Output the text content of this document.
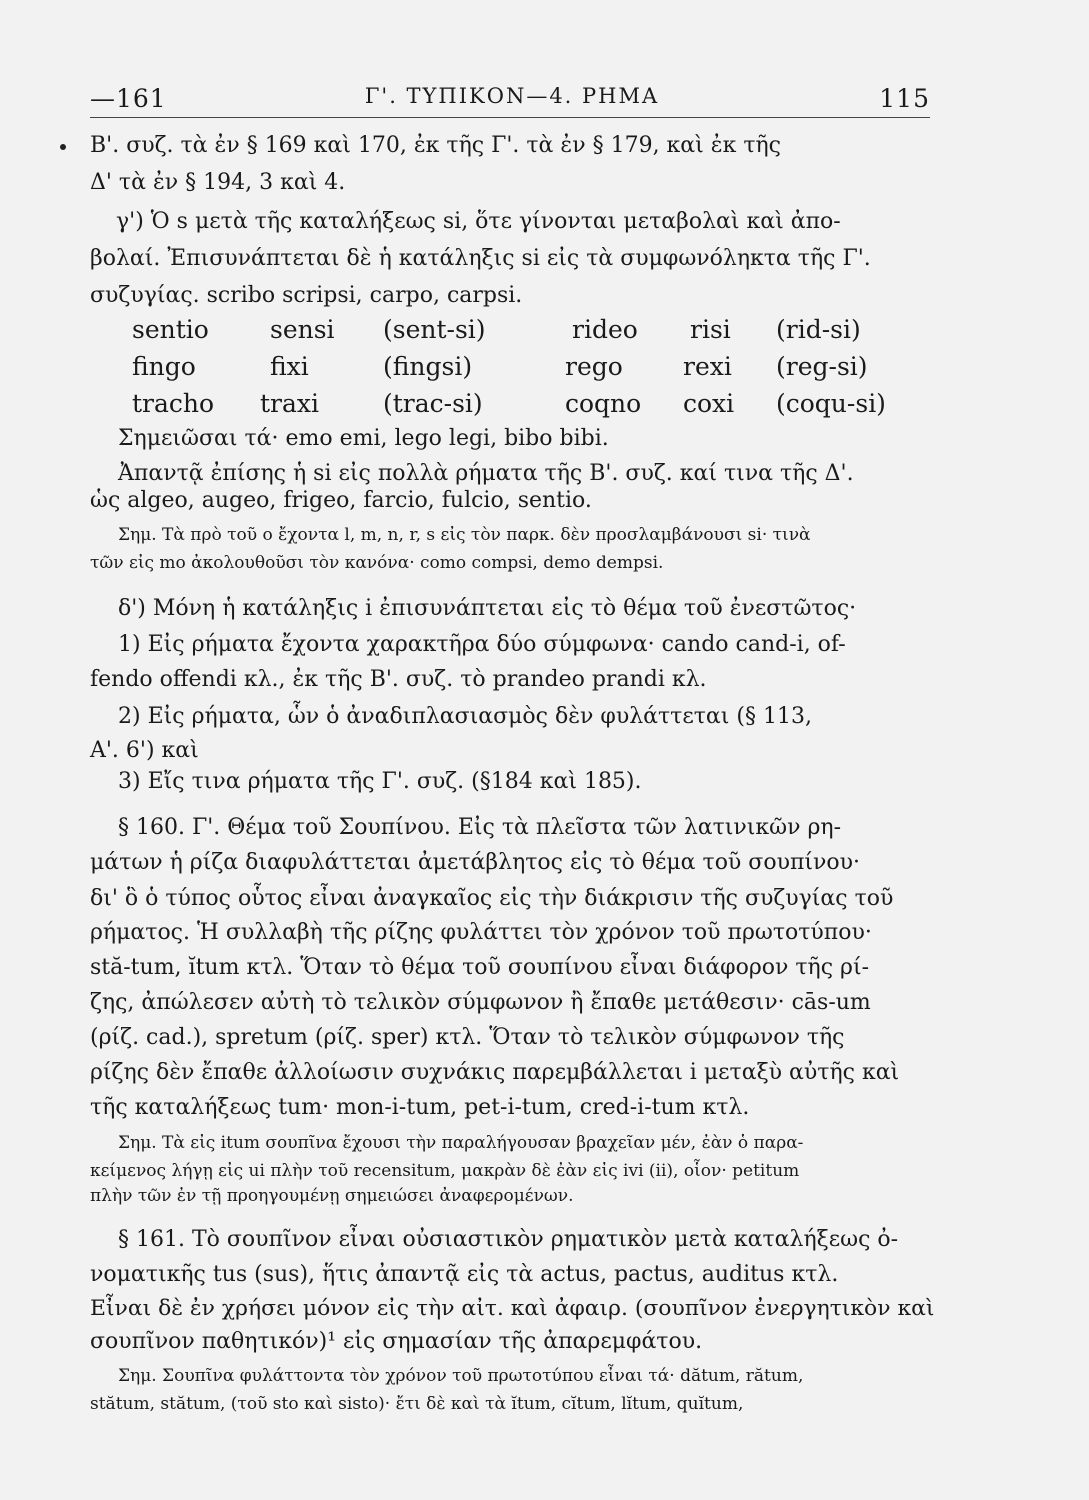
—161	Γ'. ΤΥΠΙΚΟΝ—4. ΡΗΜΑ	115
Β'. συζ. τὰ ἐν § 169 καὶ 170, ἐκ τῆς Γ'. τὰ ἐν § 179, καὶ ἐκ τῆς
Δ' τὰ ἐν § 194, 3 καὶ 4.
γ') Ὁ s μετὰ τῆς καταλήξεως si, ὅτε γίνονται μεταβολαὶ καὶ ἀπο-
βολαί. Ἐπισυνάπτεται δὲ ἡ κατάληξις si εἰς τὰ συμφωνόληκτα τῆς Γ'.
συζυγίας. scribo scripsi, carpo, carpsi.
sentio sensi (sent-si)	rideo risi (rid-si)
fingo	fixi	(fingsi)	rego rexi (reg-si)
tracho traxi	(trac-si)	coqno coxi (coqu-si)
Σημειῶσαι τά· emo emi, lego legi, bibo bibi.
Ἀπαντᾷ ἐπίσης ἡ si εἰς πολλὰ ρήματα τῆς Β'. συζ. καί τινα τῆς Δ'.
ὡς algeo, augeo, frigeo, farcio, fulcio, sentio.
Σημ. Τὰ πρὸ τοῦ ο ἔχοντα l, m, n, r, s εἰς τὸν παρκ. δὲν προσλαμβάνουσι si· τινὰ
τῶν εἰς mo ἀκολουθοῦσι τὸν κανόνα· como compsi, demo dempsi.
δ') Μόνη ἡ κατάληξις i ἐπισυνάπτεται εἰς τὸ θέμα τοῦ ἐνεστῶτος·
1) Εἰς ρήματα ἔχοντα χαρακτῆρα δύο σύμφωνα· cando cand-i, of-
fendo offendi κλ., ἐκ τῆς Β'. συζ. τὸ prandeo prandi κλ.
2) Εἰς ρήματα, ὧν ὁ ἀναδιπλασιασμὸς δὲν φυλάττεται (§ 113,
Α'. 6') καὶ
3) Εἴς τινα ρήματα τῆς Γ'. συζ. (§184 καὶ 185).
§ 160. Γ'. Θέμα τοῦ Σουπίνου. Εἰς τὰ πλεῖστα τῶν λατινικῶν ρη-
μάτων ἡ ρίζα διαφυλάττεται ἀμετάβλητος εἰς τὸ θέμα τοῦ σουπίνου·
δι' ὃ ὁ τύπος οὗτος εἶναι ἀναγκαῖος εἰς τὴν διάκρισιν τῆς συζυγίας τοῦ
ρήματος. Ἡ συλλαβὴ τῆς ρίζης φυλάττει τὸν χρόνον τοῦ πρωτοτύπου·
stă-tum, ĭtum κτλ. Ὅταν τὸ θέμα τοῦ σουπίνου εἶναι διάφορον τῆς ρί-
ζης, ἀπώλεσεν αὐτὴ τὸ τελικὸν σύμφωνον ἢ ἔπαθε μετάθεσιν· cās-um
(ρίζ. cad.), spretum (ρίζ. sper) κτλ. Ὅταν τὸ τελικὸν σύμφωνον τῆς
ρίζης δὲν ἔπαθε ἀλλοίωσιν συχνάκις παρεμβάλλεται i μεταξὺ αὐτῆς καὶ
τῆς καταλήξεως tum· mon-i-tum, pet-i-tum, cred-i-tum κτλ.
Σημ. Τὰ εἰς itum σουπῖνα ἔχουσι τὴν παραλήγουσαν βραχεῖαν μέν, ἐὰν ὁ παρα-
κείμενος λήγῃ εἰς ui πλὴν τοῦ recensitum, μακρὰν δὲ ἐὰν εἰς ivi (ii), οἷον· petitum
πλὴν τῶν ἐν τῇ προηγουμένῃ σημειώσει ἀναφερομένων.
§ 161. Τὸ σουπῖνον εἶναι οὐσιαστικὸν ρηματικὸν μετὰ καταλήξεως ὀ-
νοματικῆς tus (sus), ἥτις ἀπαντᾷ εἰς τὰ actus, pactus, auditus κτλ.
Εἶναι δὲ ἐν χρήσει μόνον εἰς τὴν αἰτ. καὶ ἀφαιρ. (σουπῖνον ἐνεργητικὸν καὶ
σουπῖνον παθητικόν)¹ εἰς σημασίαν τῆς ἀπαρεμφάτου.
Σημ. Σουπῖνα φυλάττοντα τὸν χρόνον τοῦ πρωτοτύπου εἶναι τά· dătum, rătum,
stătum, stătum, (τοῦ sto καὶ sisto)· ἔτι δὲ καὶ τὰ ĭtum, cĭtum, lĭtum, quĭtum,
